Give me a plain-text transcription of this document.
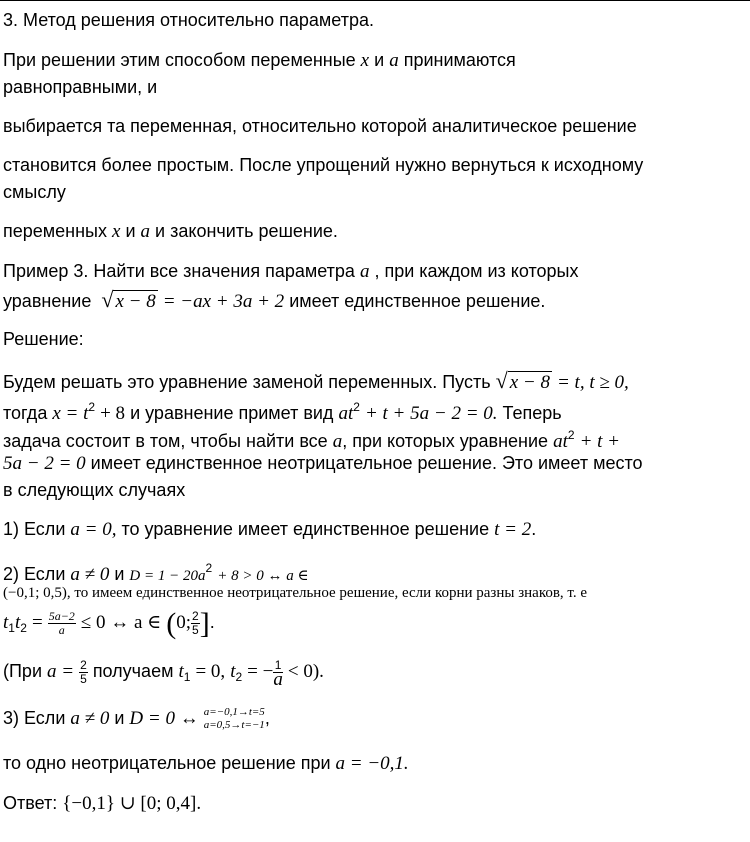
3. Метод решения относительно параметра.

При решении этим способом переменные x и a принимаются

равноправными, и

выбирается та переменная, относительно которой аналитическое решение

становится более простым. После упрощений нужно вернуться к исходному

смыслу

переменных x и a и закончить решение.

Пример 3. Найти все значения параметра a , при каждом из которых

уравнение √ x − 8 = −ax + 3a + 2 имеет единственное решение.

Решение:

Будем решать это уравнение заменой переменных. Пусть √ x − 8 = t, t ≥ 0,

тогда $x = t^2 + 8$ и уравнение примет вид $at^2 + t + 5a - 2 = 0$. Теперь

задача состоит в том, чтобы найти все a, при которых уравнение $at^2 + t$ +

5a − 2 = 0 имеет единственное неотрицательное решение. Это имеет место

в следующих случаях

1) Если a = 0, то уравнение имеет единственное решение t = 2.

2) Если a ≠ 0 и $D = 1 - 20a^2 + 8 > 0$ ↔ a ∈

(−0,1; 0,5), то имеем единственное неотрицательное решение, если корни разны знаков, т. е

$t_1t_2 = \frac{5a-2}{a} \le 0$ ↔ a ∈ (0; $\frac{2}{5}$ ].

(При $a = \frac{2}{5}$ получаем $t_1 = 0$, $t_2$ = − $\frac{1}{a} < 0$).

3) Если a ≠ 0 и D = 0 ↔ a=−0,1→t=5
a=0,5→t=−1 ,

то одно неотрицательное решение при a = −0,1.

Ответ: {−0,1} ∪ [0; 0,4].
